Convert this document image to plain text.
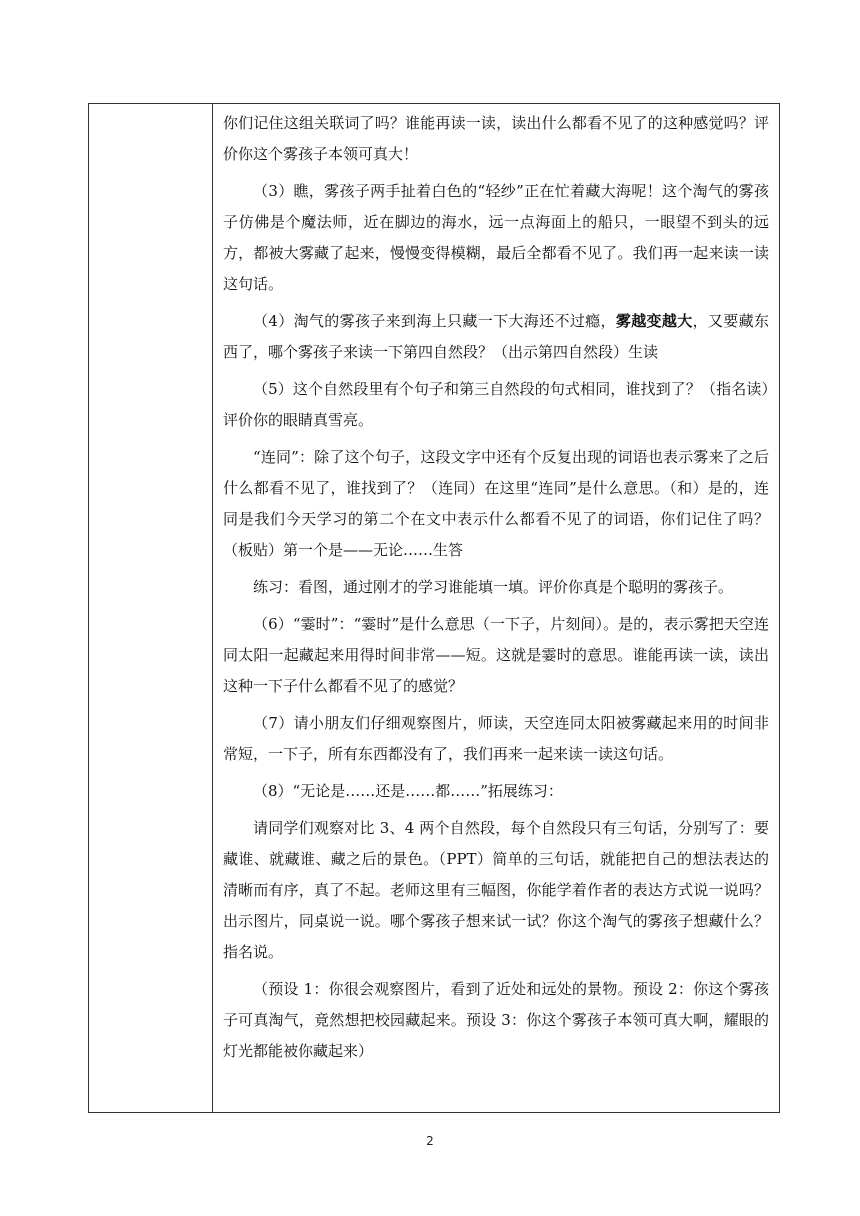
你们记住这组关联词了吗？谁能再读一读，读出什么都看不见了的这种感觉吗？评价你这个雾孩子本领可真大！

（3）瞧，雾孩子两手扯着白色的“轻纱”正在忙着藏大海呢！这个淘气的雾孩子仿佛是个魔法师，近在脚边的海水，远一点海面上的船只，一眼望不到头的远方，都被大雾藏了起来，慢慢变得模糊，最后全都看不见了。我们再一起来读一读这句话。

（4）淘气的雾孩子来到海上只藏一下大海还不过瘾，雾越变越大，又要藏东西了，哪个雾孩子来读一下第四自然段？（出示第四自然段）生读

（5）这个自然段里有个句子和第三自然段的句式相同，谁找到了？（指名读）评价你的眼睛真雪亮。

“连同”：除了这个句子，这段文字中还有个反复出现的词语也表示雾来了之后什么都看不见了，谁找到了？（连同）在这里“连同”是什么意思。（和）是的，连同是我们今天学习的第二个在文中表示什么都看不见了的词语，你们记住了吗？（板贴）第一个是——无论……生答

练习：看图，通过刚才的学习谁能填一填。评价你真是个聪明的雾孩子。

（6）“霎时”：“霎时”是什么意思（一下子，片刻间）。是的，表示雾把天空连同太阳一起藏起来用得时间非常——短。这就是霎时的意思。谁能再读一读，读出这种一下子什么都看不见了的感觉？

（7）请小朋友们仔细观察图片，师读，天空连同太阳被雾藏起来用的时间非常短，一下子，所有东西都没有了，我们再来一起来读一读这句话。

（8）“无论是……还是……都……”拓展练习：

请同学们观察对比 3、4 两个自然段，每个自然段只有三句话，分别写了：要藏谁、就藏谁、藏之后的景色。（PPT）简单的三句话，就能把自己的想法表达的清晰而有序，真了不起。老师这里有三幅图，你能学着作者的表达方式说一说吗？出示图片，同桌说一说。哪个雾孩子想来试一试？你这个淘气的雾孩子想藏什么？指名说。

（预设 1：你很会观察图片，看到了近处和远处的景物。预设 2：你这个雾孩子可真淘气，竟然想把校园藏起来。预设 3：你这个雾孩子本领可真大啊，耀眼的灯光都能被你藏起来）

2
